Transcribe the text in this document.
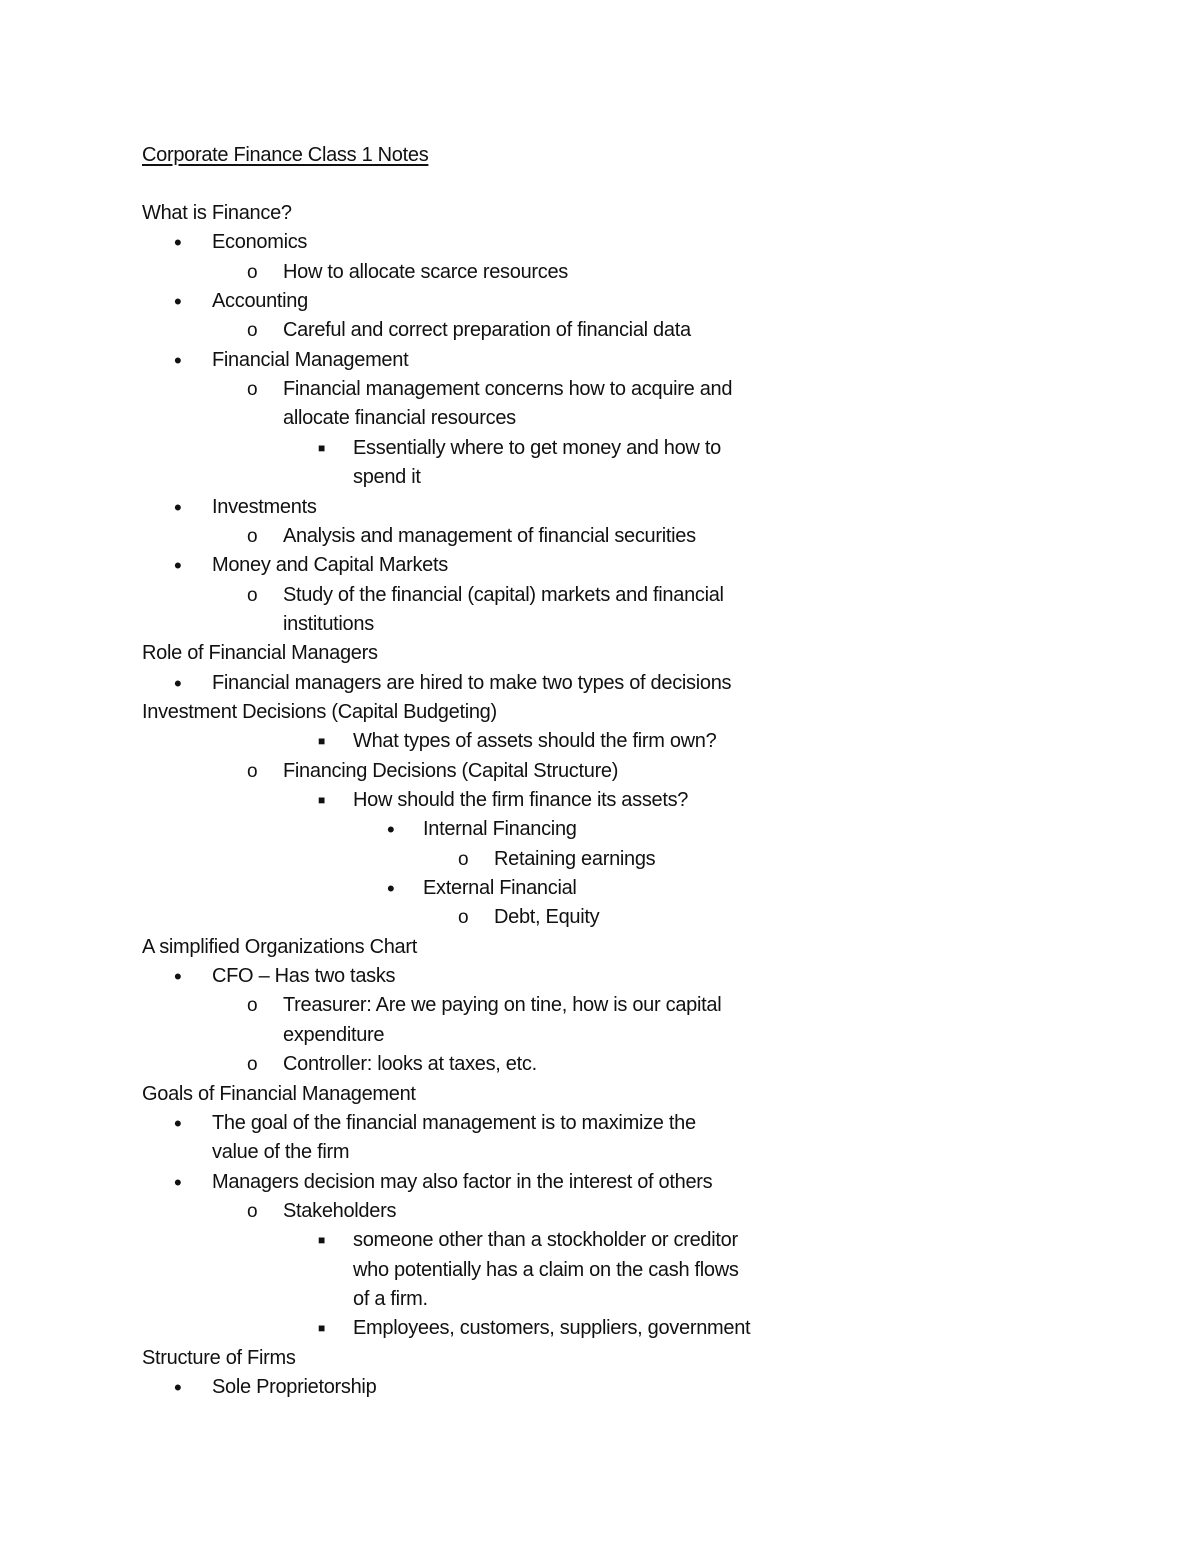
Corporate Finance Class 1 Notes
What is Finance?
• Economics
o How to allocate scarce resources
• Accounting
o Careful and correct preparation of financial data
• Financial Management
o Financial management concerns how to acquire and
allocate financial resources
■ Essentially where to get money and how to
spend it
• Investments
o Analysis and management of financial securities
• Money and Capital Markets
o Study of the financial (capital) markets and financial
institutions
Role of Financial Managers
• Financial managers are hired to make two types of decisions
Investment Decisions (Capital Budgeting)
■ What types of assets should the firm own?
o Financing Decisions (Capital Structure)
■ How should the firm finance its assets?
• Internal Financing
o Retaining earnings
• External Financial
o Debt, Equity
A simplified Organizations Chart
• CFO – Has two tasks
o Treasurer: Are we paying on tine, how is our capital
expenditure
o Controller: looks at taxes, etc.
Goals of Financial Management
• The goal of the financial management is to maximize the
value of the firm
• Managers decision may also factor in the interest of others
o Stakeholders
■ someone other than a stockholder or creditor
who potentially has a claim on the cash flows
of a firm.
■ Employees, customers, suppliers, government
Structure of Firms
• Sole Proprietorship
